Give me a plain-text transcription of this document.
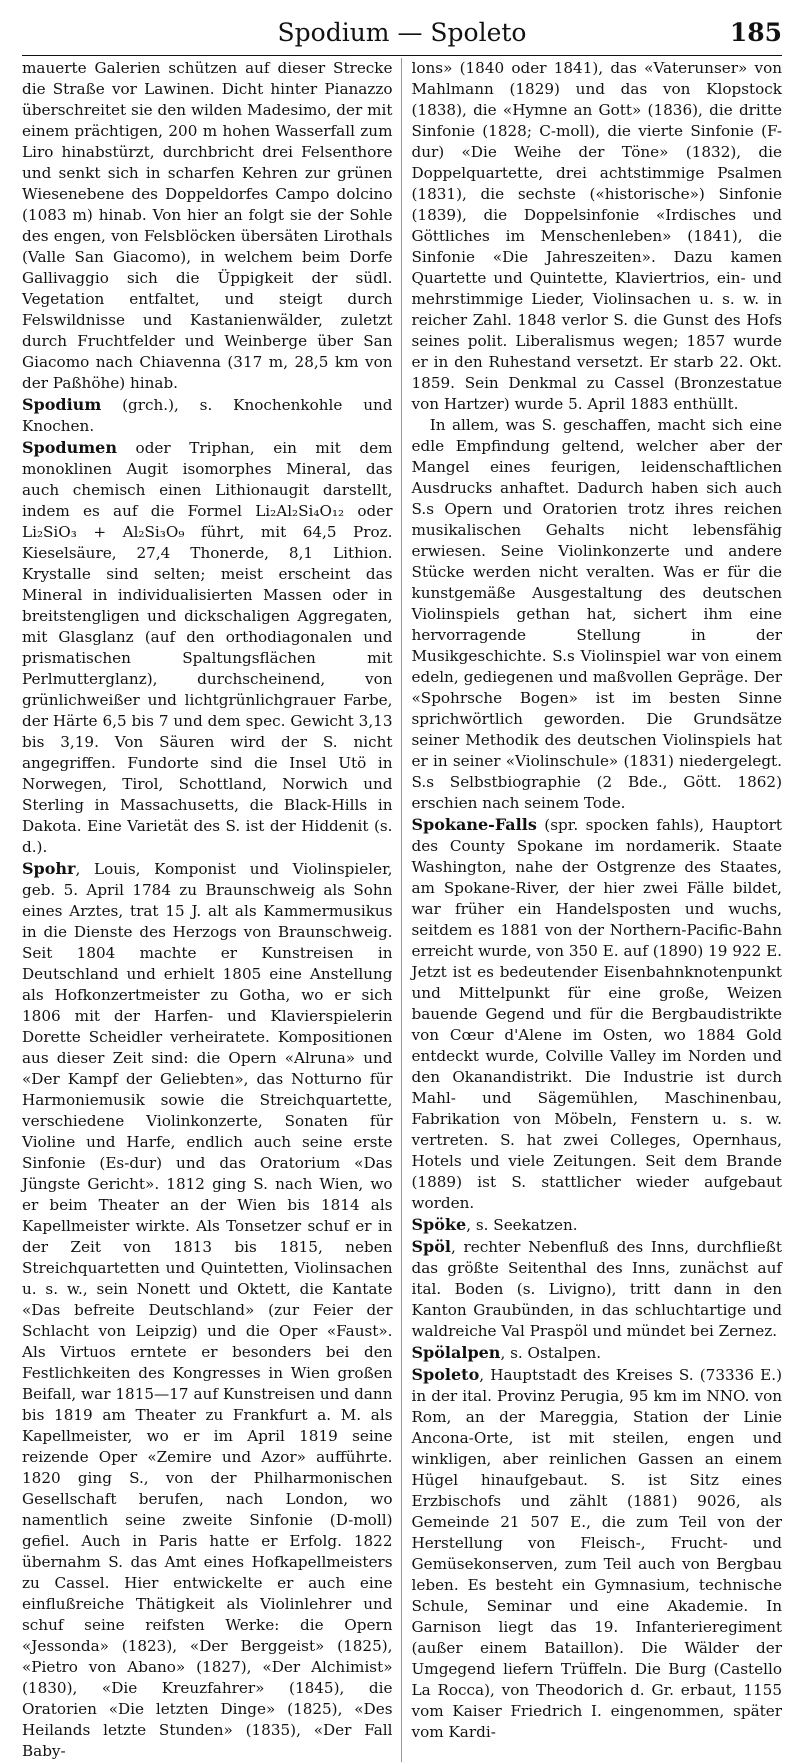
Spodium — Spoleto	185

mauerte Galerien schützen auf dieser Strecke die Straße vor Lawinen. Dicht hinter Pianazzo überschreitet sie den wilden Madesimo, der mit einem prächtigen, 200 m hohen Wasserfall zum Liro hinabstürzt, durchbricht drei Felsenthore und senkt sich in scharfen Kehren zur grünen Wiesenebene des Doppeldorfes Campo dolcino (1083 m) hinab. Von hier an folgt sie der Sohle des engen, von Felsblöcken übersäten Lirothals (Valle San Giacomo), in welchem beim Dorfe Gallivaggio sich die Üppigkeit der südl. Vegetation entfaltet, und steigt durch Felswildnisse und Kastanienwälder, zuletzt durch Fruchtfelder und Weinberge über San Giacomo nach Chiavenna (317 m, 28,5 km von der Paßhöhe) hinab.

Spodium (grch.), s. Knochenkohle und Knochen.

Spodumen oder Triphan, ein mit dem monoklinen Augit isomorphes Mineral, das auch chemisch einen Lithionaugit darstellt, indem es auf die Formel Li₂Al₂Si₄O₁₂ oder Li₂SiO₃ + Al₂Si₃O₉ führt, mit 64,5 Proz. Kieselsäure, 27,4 Thonerde, 8,1 Lithion. Krystalle sind selten; meist erscheint das Mineral in individualisierten Massen oder in breitstengligen und dickschaligen Aggregaten, mit Glasglanz (auf den orthodiagonalen und prismatischen Spaltungsflächen mit Perlmutterglanz), durchscheinend, von grünlichweißer und lichtgrünlichgrauer Farbe, der Härte 6,5 bis 7 und dem spec. Gewicht 3,13 bis 3,19. Von Säuren wird der S. nicht angegriffen. Fundorte sind die Insel Utö in Norwegen, Tirol, Schottland, Norwich und Sterling in Massachusetts, die Black-Hills in Dakota. Eine Varietät des S. ist der Hiddenit (s. d.).

Spohr, Louis, Komponist und Violinspieler, geb. 5. April 1784 zu Braunschweig als Sohn eines Arztes, trat 15 J. alt als Kammermusikus in die Dienste des Herzogs von Braunschweig. Seit 1804 machte er Kunstreisen in Deutschland und erhielt 1805 eine Anstellung als Hofkonzertmeister zu Gotha, wo er sich 1806 mit der Harfen- und Klavierspielerin Dorette Scheidler verheiratete. Kompositionen aus dieser Zeit sind: die Opern «Alruna» und «Der Kampf der Geliebten», das Notturno für Harmoniemusik sowie die Streichquartette, verschiedene Violinkonzerte, Sonaten für Violine und Harfe, endlich auch seine erste Sinfonie (Es-dur) und das Oratorium «Das Jüngste Gericht». 1812 ging S. nach Wien, wo er beim Theater an der Wien bis 1814 als Kapellmeister wirkte. Als Tonsetzer schuf er in der Zeit von 1813 bis 1815, neben Streichquartetten und Quintetten, Violinsachen u. s. w., sein Nonett und Oktett, die Kantate «Das befreite Deutschland» (zur Feier der Schlacht von Leipzig) und die Oper «Faust». Als Virtuos erntete er besonders bei den Festlichkeiten des Kongresses in Wien großen Beifall, war 1815—17 auf Kunstreisen und dann bis 1819 am Theater zu Frankfurt a. M. als Kapellmeister, wo er im April 1819 seine reizende Oper «Zemire und Azor» aufführte. 1820 ging S., von der Philharmonischen Gesellschaft berufen, nach London, wo namentlich seine zweite Sinfonie (D-moll) gefiel. Auch in Paris hatte er Erfolg. 1822 übernahm S. das Amt eines Hofkapellmeisters zu Cassel. Hier entwickelte er auch eine einflußreiche Thätigkeit als Violinlehrer und schuf seine reifsten Werke: die Opern «Jessonda» (1823), «Der Berggeist» (1825), «Pietro von Abano» (1827), «Der Alchimist» (1830), «Die Kreuzfahrer» (1845), die Oratorien «Die letzten Dinge» (1825), «Des Heilands letzte Stunden» (1835), «Der Fall Baby-

lons» (1840 oder 1841), das «Vaterunser» von Mahlmann (1829) und das von Klopstock (1838), die «Hymne an Gott» (1836), die dritte Sinfonie (1828; C-moll), die vierte Sinfonie (F-dur) «Die Weihe der Töne» (1832), die Doppelquartette, drei achtstimmige Psalmen (1831), die sechste («historische») Sinfonie (1839), die Doppelsinfonie «Irdisches und Göttliches im Menschenleben» (1841), die Sinfonie «Die Jahreszeiten». Dazu kamen Quartette und Quintette, Klaviertrios, ein- und mehrstimmige Lieder, Violinsachen u. s. w. in reicher Zahl. 1848 verlor S. die Gunst des Hofs seines polit. Liberalismus wegen; 1857 wurde er in den Ruhestand versetzt. Er starb 22. Okt. 1859. Sein Denkmal zu Cassel (Bronzestatue von Hartzer) wurde 5. April 1883 enthüllt.

In allem, was S. geschaffen, macht sich eine edle Empfindung geltend, welcher aber der Mangel eines feurigen, leidenschaftlichen Ausdrucks anhaftet. Dadurch haben sich auch S.s Opern und Oratorien trotz ihres reichen musikalischen Gehalts nicht lebensfähig erwiesen. Seine Violinkonzerte und andere Stücke werden nicht veralten. Was er für die kunstgemäße Ausgestaltung des deutschen Violinspiels gethan hat, sichert ihm eine hervorragende Stellung in der Musikgeschichte. S.s Violinspiel war von einem edeln, gediegenen und maßvollen Gepräge. Der «Spohrsche Bogen» ist im besten Sinne sprichwörtlich geworden. Die Grundsätze seiner Methodik des deutschen Violinspiels hat er in seiner «Violinschule» (1831) niedergelegt. S.s Selbstbiographie (2 Bde., Gött. 1862) erschien nach seinem Tode.

Spokane-Falls (spr. spocken fahls), Hauptort des County Spokane im nordamerik. Staate Washington, nahe der Ostgrenze des Staates, am Spokane-River, der hier zwei Fälle bildet, war früher ein Handelsposten und wuchs, seitdem es 1881 von der Northern-Pacific-Bahn erreicht wurde, von 350 E. auf (1890) 19 922 E. Jetzt ist es bedeutender Eisenbahnknotenpunkt und Mittelpunkt für eine große, Weizen bauende Gegend und für die Bergbaudistrikte von Cœur d'Alene im Osten, wo 1884 Gold entdeckt wurde, Colville Valley im Norden und den Okanandistrikt. Die Industrie ist durch Mahl- und Sägemühlen, Maschinenbau, Fabrikation von Möbeln, Fenstern u. s. w. vertreten. S. hat zwei Colleges, Opernhaus, Hotels und viele Zeitungen. Seit dem Brande (1889) ist S. stattlicher wieder aufgebaut worden.

Spöke, s. Seekatzen.

Spöl, rechter Nebenfluß des Inns, durchfließt das größte Seitenthal des Inns, zunächst auf ital. Boden (s. Livigno), tritt dann in den Kanton Graubünden, in das schluchtartige und waldreiche Val Praspöl und mündet bei Zernez.

Spölalpen, s. Ostalpen.

Spoleto, Hauptstadt des Kreises S. (73336 E.) in der ital. Provinz Perugia, 95 km im NNO. von Rom, an der Mareggia, Station der Linie Ancona-Orte, ist mit steilen, engen und winkligen, aber reinlichen Gassen an einem Hügel hinaufgebaut. S. ist Sitz eines Erzbischofs und zählt (1881) 9026, als Gemeinde 21 507 E., die zum Teil von der Herstellung von Fleisch-, Frucht- und Gemüsekonserven, zum Teil auch von Bergbau leben. Es besteht ein Gymnasium, technische Schule, Seminar und eine Akademie. In Garnison liegt das 19. Infanterieregiment (außer einem Bataillon). Die Wälder der Umgegend liefern Trüffeln. Die Burg (Castello La Rocca), von Theodorich d. Gr. erbaut, 1155 vom Kaiser Friedrich I. eingenommen, später vom Kardi-
